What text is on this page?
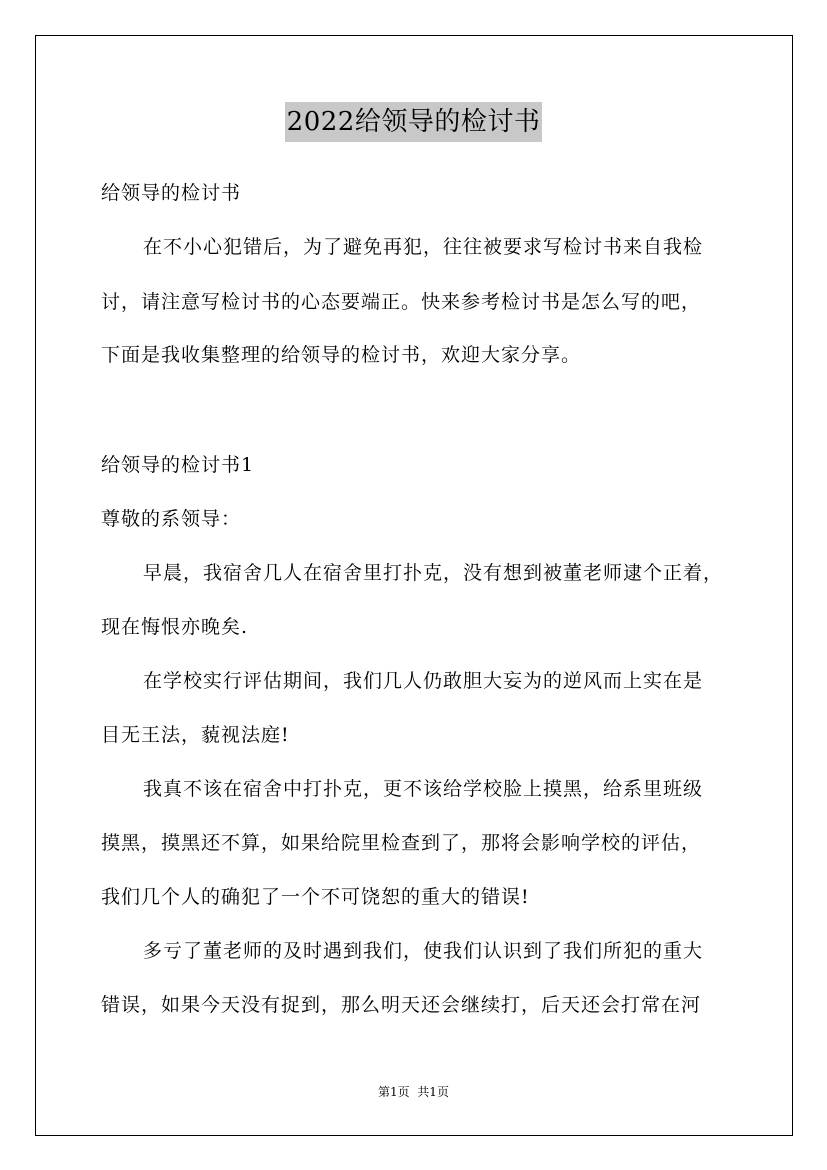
2022给领导的检讨书
给领导的检讨书
在不小心犯错后，为了避免再犯，往往被要求写检讨书来自我检
讨，请注意写检讨书的心态要端正。快来参考检讨书是怎么写的吧，
下面是我收集整理的给领导的检讨书，欢迎大家分享。
给领导的检讨书1
尊敬的系领导：
早晨，我宿舍几人在宿舍里打扑克，没有想到被董老师逮个正着，
现在悔恨亦晚矣.
在学校实行评估期间，我们几人仍敢胆大妄为的逆风而上实在是
目无王法，藐视法庭!
我真不该在宿舍中打扑克，更不该给学校脸上摸黑，给系里班级
摸黑，摸黑还不算，如果给院里检查到了，那将会影响学校的评估，
我们几个人的确犯了一个不可饶恕的重大的错误!
多亏了董老师的及时遇到我们，使我们认识到了我们所犯的重大
错误，如果今天没有捉到，那么明天还会继续打，后天还会打常在河
第1页  共1页
